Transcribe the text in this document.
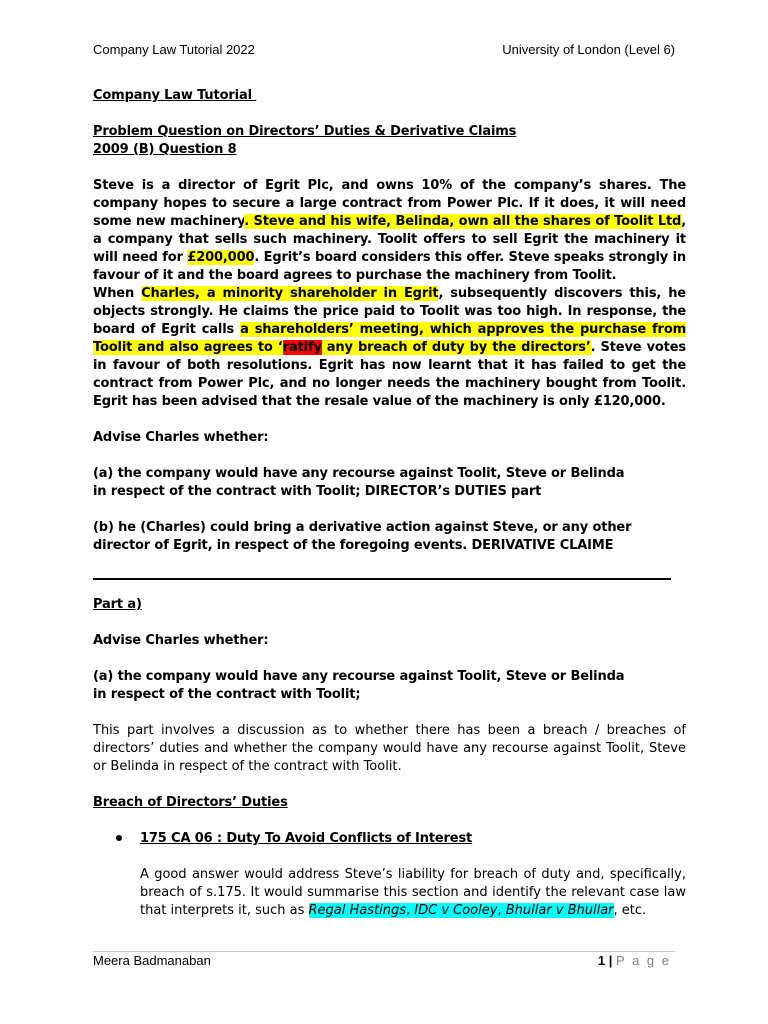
Company Law Tutorial 2022	University of London (Level 6)

Company Law Tutorial

Problem Question on Directors’ Duties & Derivative Claims

2009 (B) Question 8

Steve is a director of Egrit Plc, and owns 10% of the company’s shares. The company hopes to secure a large contract from Power Plc. If it does, it will need some new machinery. Steve and his wife, Belinda, own all the shares of Toolit Ltd, a company that sells such machinery. Toolit offers to sell Egrit the machinery it will need for £200,000. Egrit’s board considers this offer. Steve speaks strongly in favour of it and the board agrees to purchase the machinery from Toolit.

When Charles, a minority shareholder in Egrit, subsequently discovers this, he objects strongly. He claims the price paid to Toolit was too high. In response, the board of Egrit calls a shareholders’ meeting, which approves the purchase from Toolit and also agrees to ‘ratify any breach of duty by the directors’. Steve votes in favour of both resolutions. Egrit has now learnt that it has failed to get the contract from Power Plc, and no longer needs the machinery bought from Toolit. Egrit has been advised that the resale value of the machinery is only £120,000.

Advise Charles whether:

(a) the company would have any recourse against Toolit, Steve or Belinda

in respect of the contract with Toolit; DIRECTOR’s DUTIES part

(b) he (Charles) could bring a derivative action against Steve, or any other

director of Egrit, in respect of the foregoing events. DERIVATIVE CLAIME

Part a)

Advise Charles whether:

(a) the company would have any recourse against Toolit, Steve or Belinda

in respect of the contract with Toolit;

This part involves a discussion as to whether there has been a breach / breaches of directors’ duties and whether the company would have any recourse against Toolit, Steve or Belinda in respect of the contract with Toolit.

Breach of Directors’ Duties

175 CA 06 : Duty To Avoid Conflicts of Interest

A good answer would address Steve’s liability for breach of duty and, specifically, breach of s.175. It would summarise this section and identify the relevant case law that interprets it, such as Regal Hastings, IDC v Cooley, Bhullar v Bhullar, etc.

Meera Badmanaban	1 | P a g e
